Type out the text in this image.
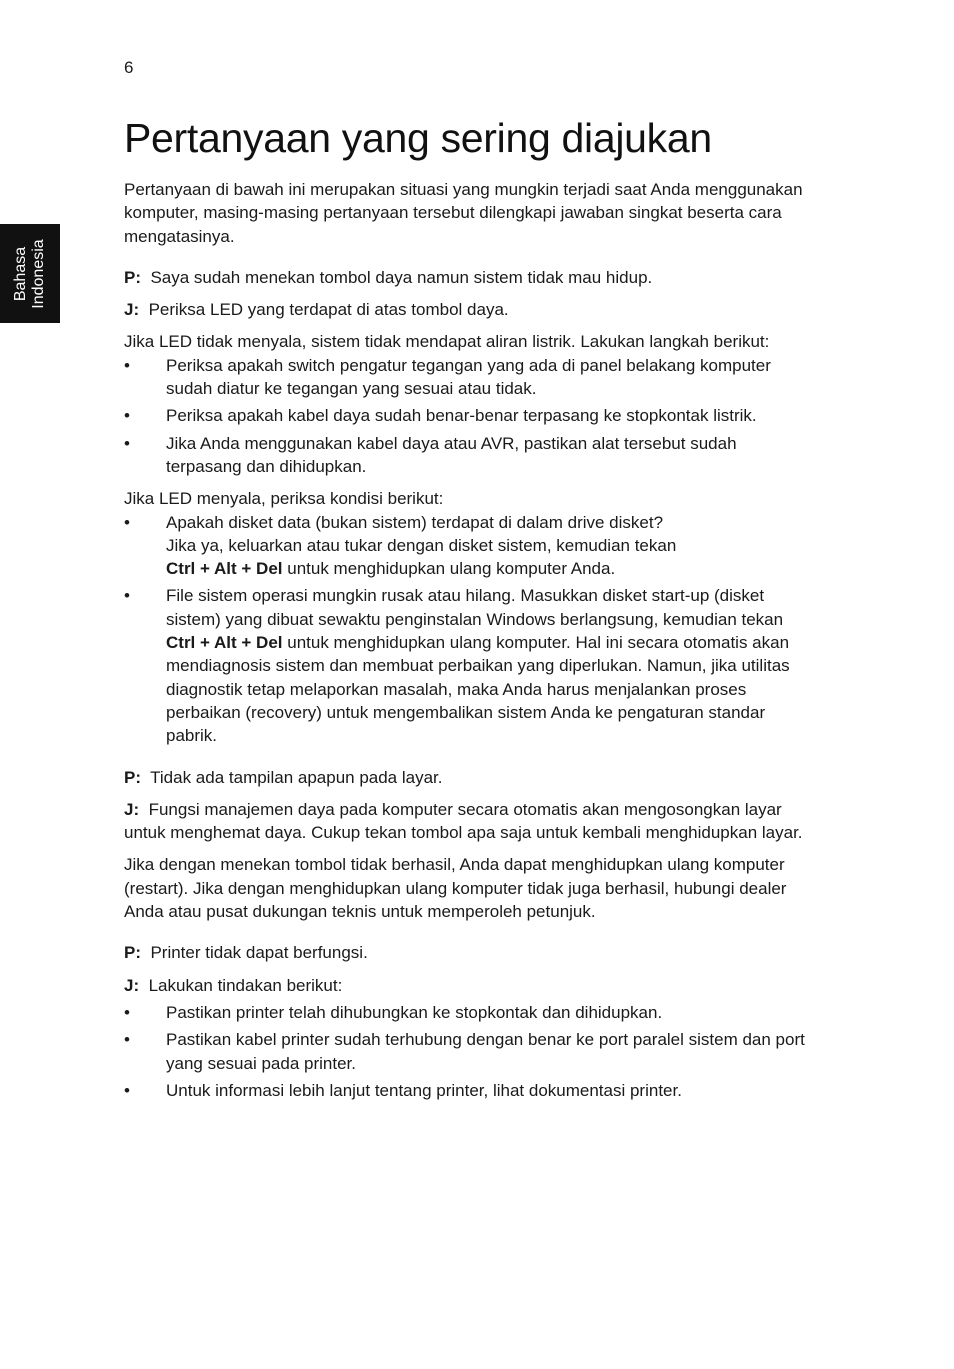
6
Bahasa Indonesia
Pertanyaan yang sering diajukan

Pertanyaan di bawah ini merupakan situasi yang mungkin terjadi saat Anda menggunakan komputer, masing-masing pertanyaan tersebut dilengkapi jawaban singkat beserta cara mengatasinya.

P: Saya sudah menekan tombol daya namun sistem tidak mau hidup.

J: Periksa LED yang terdapat di atas tombol daya.

Jika LED tidak menyala, sistem tidak mendapat aliran listrik. Lakukan langkah berikut:

• Periksa apakah switch pengatur tegangan yang ada di panel belakang komputer sudah diatur ke tegangan yang sesuai atau tidak.
• Periksa apakah kabel daya sudah benar-benar terpasang ke stopkontak listrik.
• Jika Anda menggunakan kabel daya atau AVR, pastikan alat tersebut sudah terpasang dan dihidupkan.

Jika LED menyala, periksa kondisi berikut:

• Apakah disket data (bukan sistem) terdapat di dalam drive disket?
Jika ya, keluarkan atau tukar dengan disket sistem, kemudian tekan
Ctrl + Alt + Del untuk menghidupkan ulang komputer Anda.
• File sistem operasi mungkin rusak atau hilang. Masukkan disket start-up (disket sistem) yang dibuat sewaktu penginstalan Windows berlangsung, kemudian tekan Ctrl + Alt + Del untuk menghidupkan ulang komputer. Hal ini secara otomatis akan mendiagnosis sistem dan membuat perbaikan yang diperlukan. Namun, jika utilitas diagnostik tetap melaporkan masalah, maka Anda harus menjalankan proses perbaikan (recovery) untuk mengembalikan sistem Anda ke pengaturan standar pabrik.

P: Tidak ada tampilan apapun pada layar.

J: Fungsi manajemen daya pada komputer secara otomatis akan mengosongkan layar untuk menghemat daya. Cukup tekan tombol apa saja untuk kembali menghidupkan layar.

Jika dengan menekan tombol tidak berhasil, Anda dapat menghidupkan ulang komputer (restart). Jika dengan menghidupkan ulang komputer tidak juga berhasil, hubungi dealer Anda atau pusat dukungan teknis untuk memperoleh petunjuk.

P: Printer tidak dapat berfungsi.

J: Lakukan tindakan berikut:

• Pastikan printer telah dihubungkan ke stopkontak dan dihidupkan.
• Pastikan kabel printer sudah terhubung dengan benar ke port paralel sistem dan port yang sesuai pada printer.
• Untuk informasi lebih lanjut tentang printer, lihat dokumentasi printer.
